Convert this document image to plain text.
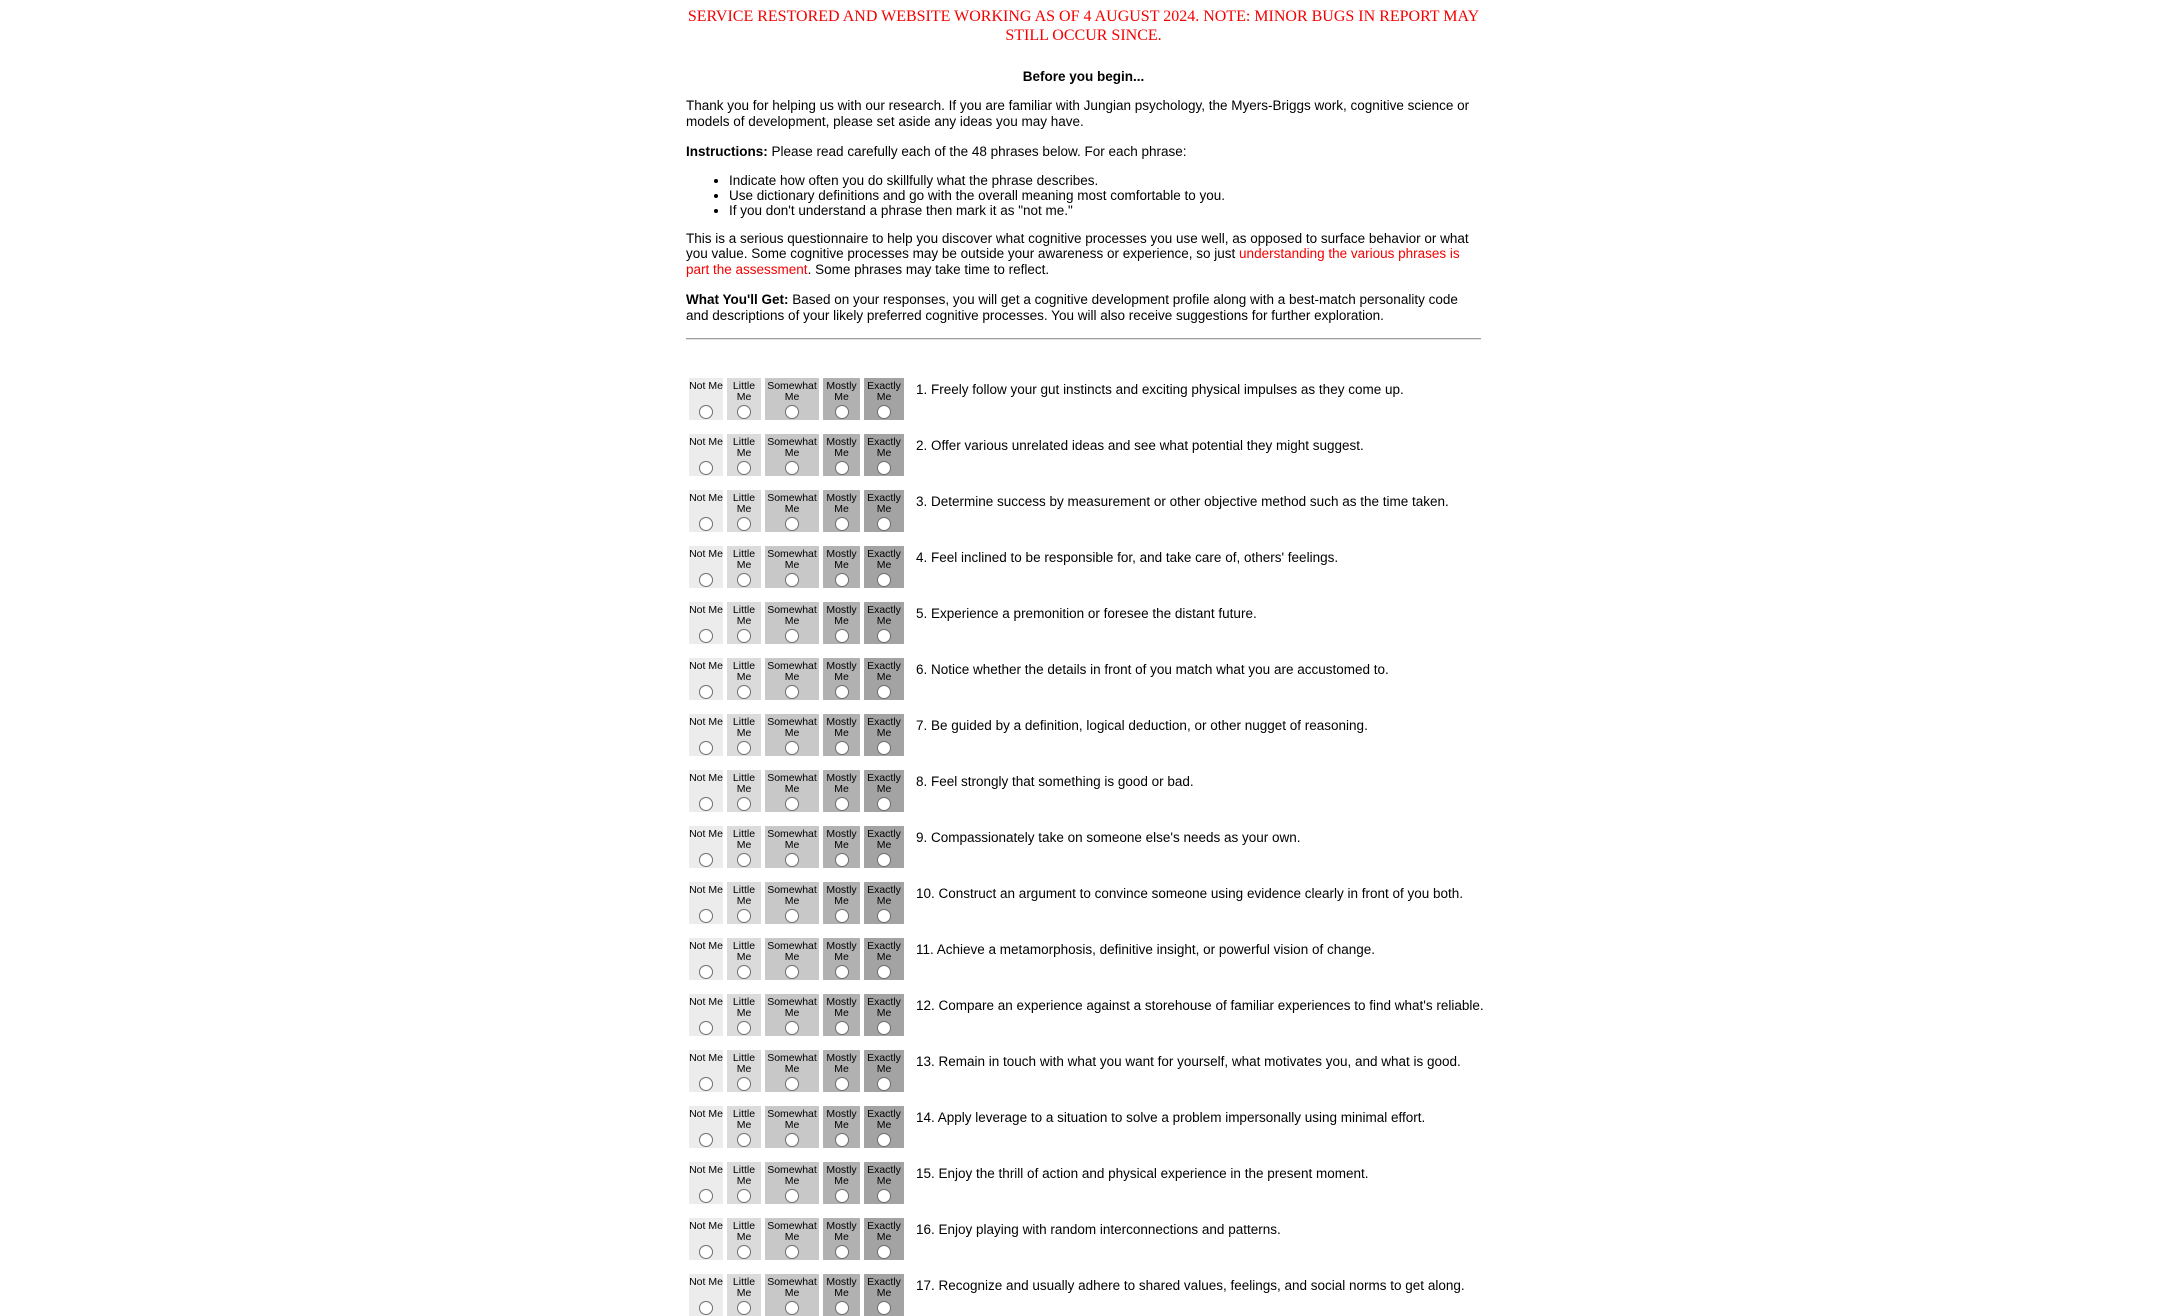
SERVICE RESTORED AND WEBSITE WORKING AS OF 4 AUGUST 2024. NOTE: MINOR BUGS IN REPORT MAY STILL OCCUR SINCE.
Before you begin...

Thank you for helping us with our research. If you are familiar with Jungian psychology, the Myers-Briggs work, cognitive science or models of development, please set aside any ideas you may have.

Instructions: Please read carefully each of the 48 phrases below. For each phrase:

• Indicate how often you do skillfully what the phrase describes.
• Use dictionary definitions and go with the overall meaning most comfortable to you.
• If you don't understand a phrase then mark it as "not me."

This is a serious questionnaire to help you discover what cognitive processes you use well, as opposed to surface behavior or what you value. Some cognitive processes may be outside your awareness or experience, so just understanding the various phrases is part the assessment. Some phrases may take time to reflect.

What You'll Get: Based on your responses, you will get a cognitive development profile along with a best-match personality code and descriptions of your likely preferred cognitive processes. You will also receive suggestions for further exploration.

Not Me Little Me
Somewhat Me
Mostly Me
Exactly Me	1. Freely follow your gut instincts and exciting physical impulses as they come up.
Not Me Little Me
Somewhat Me
Mostly Me
Exactly Me	2. Offer various unrelated ideas and see what potential they might suggest.
Not Me Little Me
Somewhat Me
Mostly Me
Exactly Me	3. Determine success by measurement or other objective method such as the time taken.
Not Me Little Me
Somewhat Me
Mostly Me
Exactly Me	4. Feel inclined to be responsible for, and take care of, others' feelings.
Not Me Little Me
Somewhat Me
Mostly Me
Exactly Me	5. Experience a premonition or foresee the distant future.
Not Me Little Me
Somewhat Me
Mostly Me
Exactly Me	6. Notice whether the details in front of you match what you are accustomed to.
Not Me Little Me
Somewhat Me
Mostly Me
Exactly Me	7. Be guided by a definition, logical deduction, or other nugget of reasoning.
Not Me Little Me
Somewhat Me
Mostly Me
Exactly Me	8. Feel strongly that something is good or bad.
Not Me Little Me
Somewhat Me
Mostly Me
Exactly Me	9. Compassionately take on someone else's needs as your own.
Not Me Little Me
Somewhat Me
Mostly Me
Exactly Me	10. Construct an argument to convince someone using evidence clearly in front of you both.
Not Me Little Me
Somewhat Me
Mostly Me
Exactly Me	11. Achieve a metamorphosis, definitive insight, or powerful vision of change.
Not Me Little Me
Somewhat Me
Mostly Me
Exactly Me	12. Compare an experience against a storehouse of familiar experiences to find what's reliable.
Not Me Little Me
Somewhat Me
Mostly Me
Exactly Me	13. Remain in touch with what you want for yourself, what motivates you, and what is good.
Not Me Little Me
Somewhat Me
Mostly Me
Exactly Me	14. Apply leverage to a situation to solve a problem impersonally using minimal effort.
Not Me Little Me
Somewhat Me
Mostly Me
Exactly Me	15. Enjoy the thrill of action and physical experience in the present moment.
Not Me Little Me
Somewhat Me
Mostly Me
Exactly Me	16. Enjoy playing with random interconnections and patterns.
Not Me Little Me
Somewhat Me
Mostly Me
Exactly Me	17. Recognize and usually adhere to shared values, feelings, and social norms to get along.
